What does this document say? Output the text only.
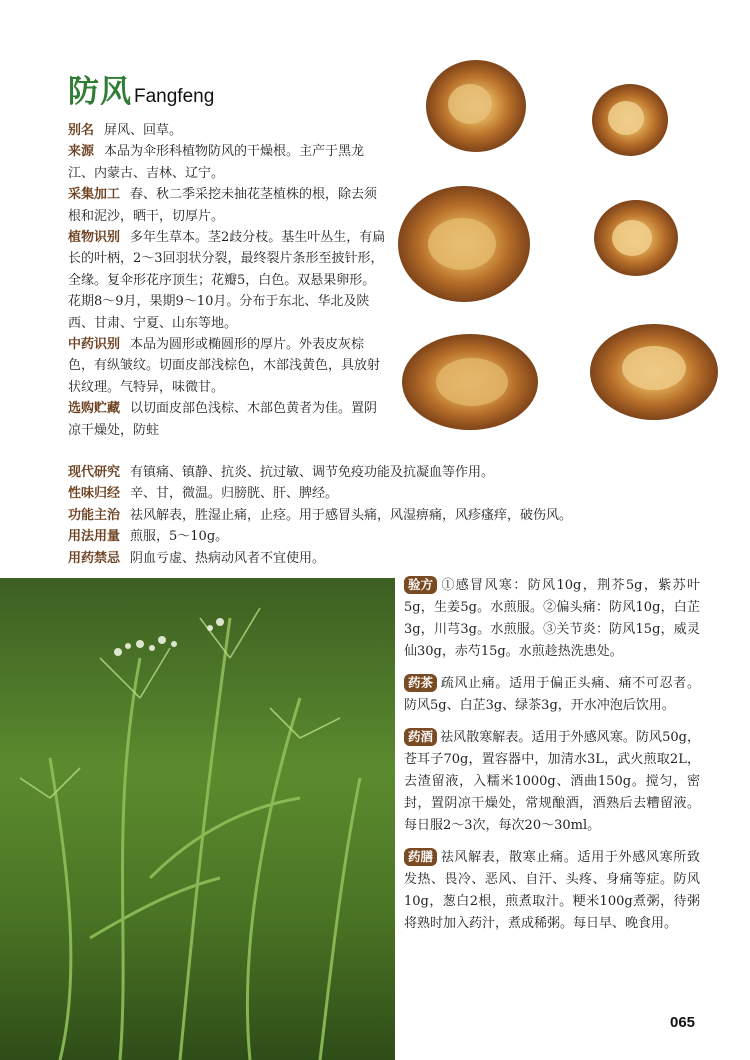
防风 Fangfeng

别名 屏风、回草。

来源 本品为伞形科植物防风的干燥根。主产于黑龙江、内蒙古、吉林、辽宁。

采集加工 春、秋二季采挖未抽花茎植株的根，除去须根和泥沙，晒干，切厚片。

植物识别 多年生草本。茎2歧分枝。基生叶丛生，有扁长的叶柄，2～3回羽状分裂，最终裂片条形至披针形，全缘。复伞形花序顶生；花瓣5，白色。双悬果卵形。花期8～9月，果期9～10月。分布于东北、华北及陕西、甘肃、宁夏、山东等地。

中药识别 本品为圆形或椭圆形的厚片。外表皮灰棕色，有纵皱纹。切面皮部浅棕色，木部浅黄色，具放射状纹理。气特异，味微甘。

选购贮藏 以切面皮部色浅棕、木部色黄者为佳。置阴凉干燥处，防蛀

现代研究 有镇痛、镇静、抗炎、抗过敏、调节免疫功能及抗凝血等作用。

性味归经 辛、甘，微温。归膀胱、肝、脾经。

功能主治 祛风解表，胜湿止痛，止痉。用于感冒头痛，风湿痹痛，风疹瘙痒，破伤风。

用法用量 煎服，5～10g。

用药禁忌 阴血亏虚、热病动风者不宜使用。

验方 ①感冒风寒：防风10g，荆芥5g，紫苏叶5g，生姜5g。水煎服。②偏头痛：防风10g，白芷3g，川芎3g。水煎服。③关节炎：防风15g，威灵仙30g，赤芍15g。水煎趁热洗患处。

药茶 疏风止痛。适用于偏正头痛、痛不可忍者。防风5g、白芷3g、绿茶3g，开水冲泡后饮用。

药酒 祛风散寒解表。适用于外感风寒。防风50g，苍耳子70g，置容器中，加清水3L，武火煎取2L，去渣留液，入糯米1000g、酒曲150g。搅匀，密封，置阴凉干燥处，常规酿酒，酒熟后去糟留液。每日服2～3次，每次20～30ml。

药膳 祛风解表，散寒止痛。适用于外感风寒所致发热、畏冷、恶风、自汗、头疼、身痛等症。防风10g，葱白2根，煎煮取汁。粳米100g煮粥，待粥将熟时加入药汁，煮成稀粥。每日早、晚食用。

065
